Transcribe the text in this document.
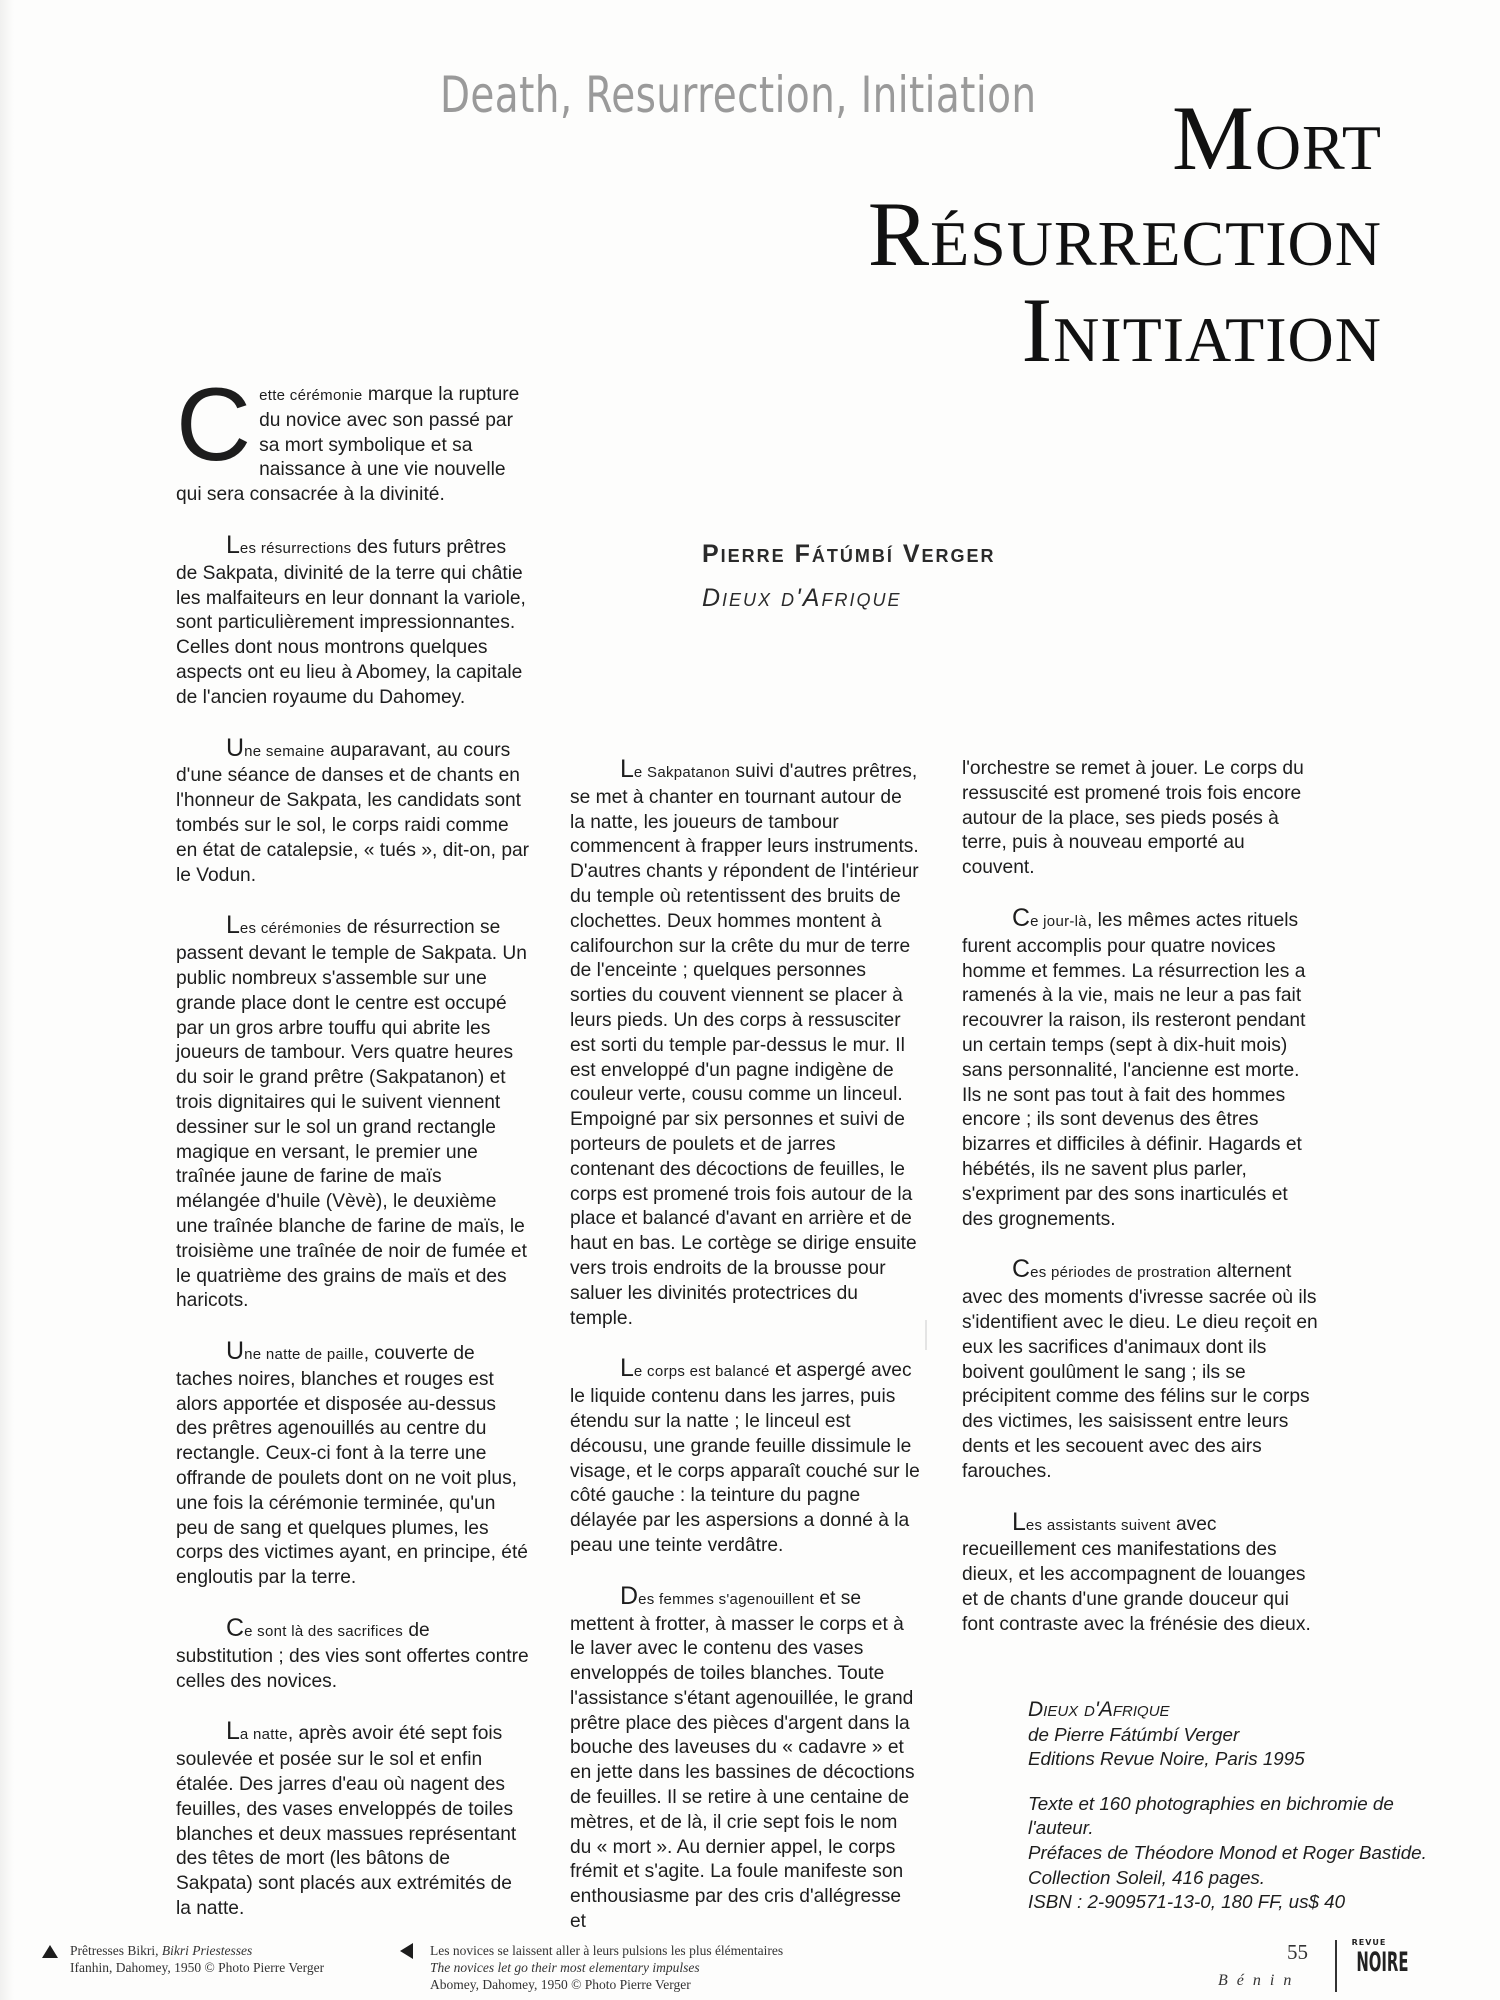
Death, Resurrection, Initiation	Mort
Résurrection
Initiation
Pierre Fátúmbí Verger
Dieux d'Afrique

Cette cérémonie marque la rupture du novice avec son passé par sa mort symbolique et sa naissance à une vie nouvelle qui sera consacrée à la divinité.

Les résurrections des futurs prêtres de Sakpata, divinité de la terre qui châtie les malfaiteurs en leur donnant la variole, sont particulièrement impressionnantes. Celles dont nous montrons quelques aspects ont eu lieu à Abomey, la capitale de l'ancien royaume du Dahomey.

Une semaine auparavant, au cours d'une séance de danses et de chants en l'honneur de Sakpata, les candidats sont tombés sur le sol, le corps raidi comme en état de catalepsie, « tués », dit-on, par le Vodun.

Les cérémonies de résurrection se passent devant le temple de Sakpata. Un public nombreux s'assemble sur une grande place dont le centre est occupé par un gros arbre touffu qui abrite les joueurs de tambour. Vers quatre heures du soir le grand prêtre (Sakpatanon) et trois dignitaires qui le suivent viennent dessiner sur le sol un grand rectangle magique en versant, le premier une traînée jaune de farine de maïs mélangée d'huile (Vèvè), le deuxième une traînée blanche de farine de maïs, le troisième une traînée de noir de fumée et le quatrième des grains de maïs et des haricots.

Une natte de paille, couverte de taches noires, blanches et rouges est alors apportée et disposée au-dessus des prêtres agenouillés au centre du rectangle. Ceux-ci font à la terre une offrande de poulets dont on ne voit plus, une fois la cérémonie terminée, qu'un peu de sang et quelques plumes, les corps des victimes ayant, en principe, été engloutis par la terre.

Ce sont là des sacrifices de substitution ; des vies sont offertes contre celles des novices.

La natte, après avoir été sept fois soulevée et posée sur le sol et enfin étalée. Des jarres d'eau où nagent des feuilles, des vases enveloppés de toiles blanches et deux massues représentant des têtes de mort (les bâtons de Sakpata) sont placés aux extrémités de la natte.

Le Sakpatanon suivi d'autres prêtres, se met à chanter en tournant autour de la natte, les joueurs de tambour commencent à frapper leurs instruments. D'autres chants y répondent de l'intérieur du temple où retentissent des bruits de clochettes. Deux hommes montent à califourchon sur la crête du mur de terre de l'enceinte ; quelques personnes sorties du couvent viennent se placer à leurs pieds. Un des corps à ressusciter est sorti du temple par-dessus le mur. Il est enveloppé d'un pagne indigène de couleur verte, cousu comme un linceul. Empoigné par six personnes et suivi de porteurs de poulets et de jarres contenant des décoctions de feuilles, le corps est promené trois fois autour de la place et balancé d'avant en arrière et de haut en bas. Le cortège se dirige ensuite vers trois endroits de la brousse pour saluer les divinités protectrices du temple.

Le corps est balancé et aspergé avec le liquide contenu dans les jarres, puis étendu sur la natte ; le linceul est décousu, une grande feuille dissimule le visage, et le corps apparaît couché sur le côté gauche : la teinture du pagne délayée par les aspersions a donné à la peau une teinte verdâtre.

Des femmes s'agenouillent et se mettent à frotter, à masser le corps et à le laver avec le contenu des vases enveloppés de toiles blanches. Toute l'assistance s'étant agenouillée, le grand prêtre place des pièces d'argent dans la bouche des laveuses du « cadavre » et en jette dans les bassines de décoctions de feuilles. Il se retire à une centaine de mètres, et de là, il crie sept fois le nom du « mort ». Au dernier appel, le corps frémit et s'agite. La foule manifeste son enthousiasme par des cris d'allégresse et

l'orchestre se remet à jouer. Le corps du ressuscité est promené trois fois encore autour de la place, ses pieds posés à terre, puis à nouveau emporté au couvent.

Ce jour-là, les mêmes actes rituels furent accomplis pour quatre novices homme et femmes. La résurrection les a ramenés à la vie, mais ne leur a pas fait recouvrer la raison, ils resteront pendant un certain temps (sept à dix-huit mois) sans personnalité, l'ancienne est morte. Ils ne sont pas tout à fait des hommes encore ; ils sont devenus des êtres bizarres et difficiles à définir. Hagards et hébétés, ils ne savent plus parler, s'expriment par des sons inarticulés et des grognements.

Ces périodes de prostration alternent avec des moments d'ivresse sacrée où ils s'identifient avec le dieu. Le dieu reçoit en eux les sacrifices d'animaux dont ils boivent goulûment le sang ; ils se précipitent comme des félins sur le corps des victimes, les saisissent entre leurs dents et les secouent avec des airs farouches.

Les assistants suivent avec recueillement ces manifestations des dieux, et les accompagnent de louanges et de chants d'une grande douceur qui font contraste avec la frénésie des dieux.

Dieux d'Afrique
de Pierre Fátúmbí Verger
Editions Revue Noire, Paris 1995
Texte et 160 photographies en bichromie de l'auteur.
Préfaces de Théodore Monod et Roger Bastide.
Collection Soleil, 416 pages.
ISBN : 2-909571-13-0, 180 FF, us$ 40
Prêtresses Bikri, Bikri Priestesses
Ifanhin, Dahomey, 1950 © Photo Pierre Verger
Les novices se laissent aller à leurs pulsions les plus élémentaires
The novices let go their most elementary impulses
Abomey, Dahomey, 1950 © Photo Pierre Verger
55
Bénin
REVUE
NOIRE
